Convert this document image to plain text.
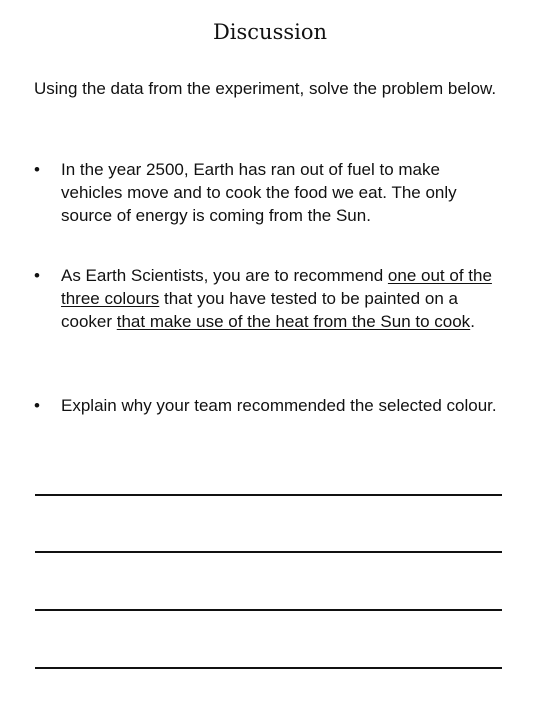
Discussion

Using the data from the experiment, solve the problem below.

•	In the year 2500, Earth has ran out of fuel to make vehicles move and to cook the food we eat. The only source of energy is coming from the Sun.
•	As Earth Scientists, you are to recommend one out of the three colours that you have tested to be painted on a cooker that make use of the heat from the Sun to cook.
•	Explain why your team recommended the selected colour.
